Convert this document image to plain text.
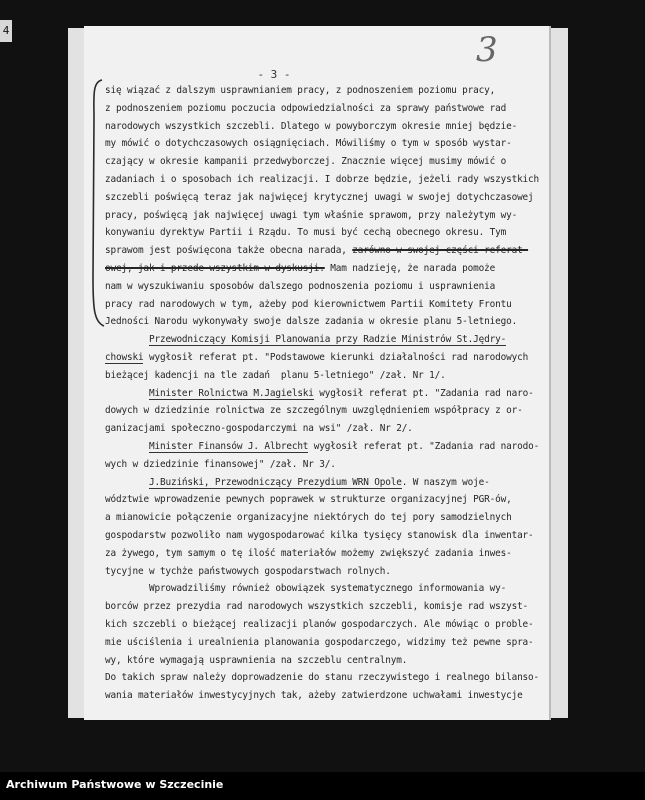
4	3
- 3 -
się wiązać z dalszym usprawnianiem pracy, z podnoszeniem poziomu pracy,
z podnoszeniem poziomu poczucia odpowiedzialności za sprawy państwowe rad
narodowych wszystkich szczebli. Dlatego w powyborczym okresie mniej będzie-
my mówić o dotychczasowych osiągnięciach. Mówiliśmy o tym w sposób wystar-
czający w okresie kampanii przedwyborczej. Znacznie więcej musimy mówić o
zadaniach i o sposobach ich realizacji. I dobrze będzie, jeżeli rady wszystkich
szczebli poświęcą teraz jak najwięcej krytycznej uwagi w swojej dotychczasowej
pracy, poświęcą jak najwięcej uwagi tym właśnie sprawom, przy należytym wy-
konywaniu dyrektyw Partii i Rządu. To musi być cechą obecnego okresu. Tym
sprawom jest poświęcona także obecna narada, zarówno w swojej części referat-
owej, jak i przede wszystkim w dyskusji. Mam nadzieję, że narada pomoże
nam w wyszukiwaniu sposobów dalszego podnoszenia poziomu i usprawnienia
pracy rad narodowych w tym, ażeby pod kierownictwem Partii Komitety Frontu
Jedności Narodu wykonywały swoje dalsze zadania w okresie planu 5-letniego.
Przewodniczący Komisji Planowania przy Radzie Ministrów St.Jędry-
chowski wygłosił referat pt. "Podstawowe kierunki działalności rad narodowych
bieżącej kadencji na tle zadań  planu 5-letniego" /zał. Nr 1/.
Minister Rolnictwa M.Jagielski wygłosił referat pt. "Zadania rad naro-
dowych w dziedzinie rolnictwa ze szczególnym uwzględnieniem współpracy z or-
ganizacjami społeczno-gospodarczymi na wsi" /zał. Nr 2/.
Minister Finansów J. Albrecht wygłosił referat pt. "Zadania rad narodo-
wych w dziedzinie finansowej" /zał. Nr 3/.
J.Buziński, Przewodniczący Prezydium WRN Opole. W naszym woje-
wództwie wprowadzenie pewnych poprawek w strukturze organizacyjnej PGR-ów,
a mianowicie połączenie organizacyjne niektórych do tej pory samodzielnych
gospodarstw pozwoliło nam wygospodarować kilka tysięcy stanowisk dla inwentar-
za żywego, tym samym o tę ilość materiałów możemy zwiększyć zadania inwes-
tycyjne w tychże państwowych gospodarstwach rolnych.
Wprowadziliśmy również obowiązek systematycznego informowania wy-
borców przez prezydia rad narodowych wszystkich szczebli, komisje rad wszyst-
kich szczebli o bieżącej realizacji planów gospodarczych. Ale mówiąc o proble-
mie uściślenia i urealnienia planowania gospodarczego, widzimy też pewne spra-
wy, które wymagają usprawnienia na szczeblu centralnym.
Do takich spraw należy doprowadzenie do stanu rzeczywistego i realnego bilanso-
wania materiałów inwestycyjnych tak, ażeby zatwierdzone uchwałami inwestycje
Archiwum Państwowe w Szczecinie
